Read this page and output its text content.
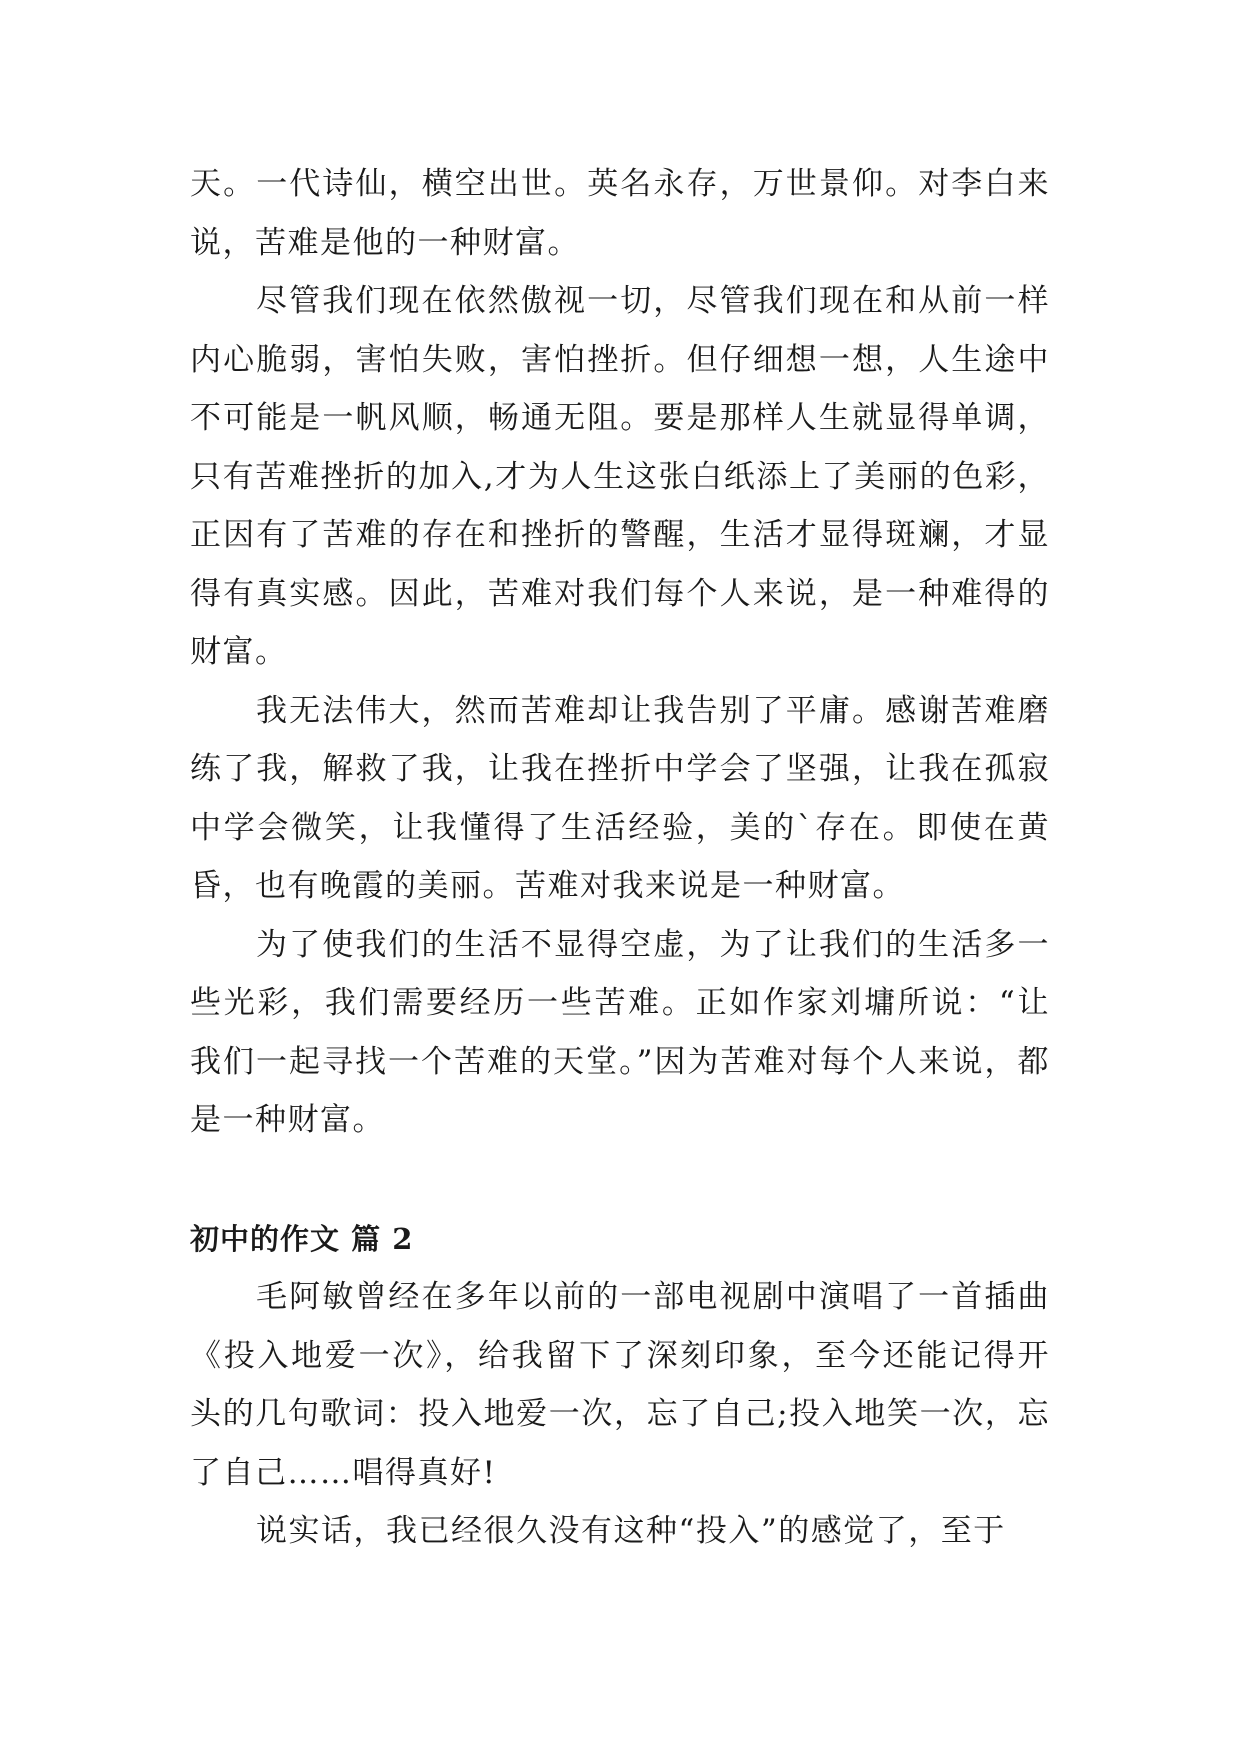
天。一代诗仙，横空出世。英名永存，万世景仰。对李白来说，苦难是他的一种财富。

尽管我们现在依然傲视一切，尽管我们现在和从前一样内心脆弱，害怕失败，害怕挫折。但仔细想一想，人生途中不可能是一帆风顺，畅通无阻。要是那样人生就显得单调，只有苦难挫折的加入,才为人生这张白纸添上了美丽的色彩，正因有了苦难的存在和挫折的警醒，生活才显得斑斓，才显得有真实感。因此，苦难对我们每个人来说，是一种难得的财富。

我无法伟大，然而苦难却让我告别了平庸。感谢苦难磨练了我，解救了我，让我在挫折中学会了坚强，让我在孤寂中学会微笑，让我懂得了生活经验，美的`存在。即使在黄昏，也有晚霞的美丽。苦难对我来说是一种财富。

为了使我们的生活不显得空虚，为了让我们的生活多一些光彩，我们需要经历一些苦难。正如作家刘墉所说：“让我们一起寻找一个苦难的天堂。”因为苦难对每个人来说，都是一种财富。

初中的作文 篇 2

毛阿敏曾经在多年以前的一部电视剧中演唱了一首插曲《投入地爱一次》，给我留下了深刻印象，至今还能记得开头的几句歌词：投入地爱一次，忘了自己;投入地笑一次，忘了自己……唱得真好!

说实话，我已经很久没有这种“投入”的感觉了，至于
